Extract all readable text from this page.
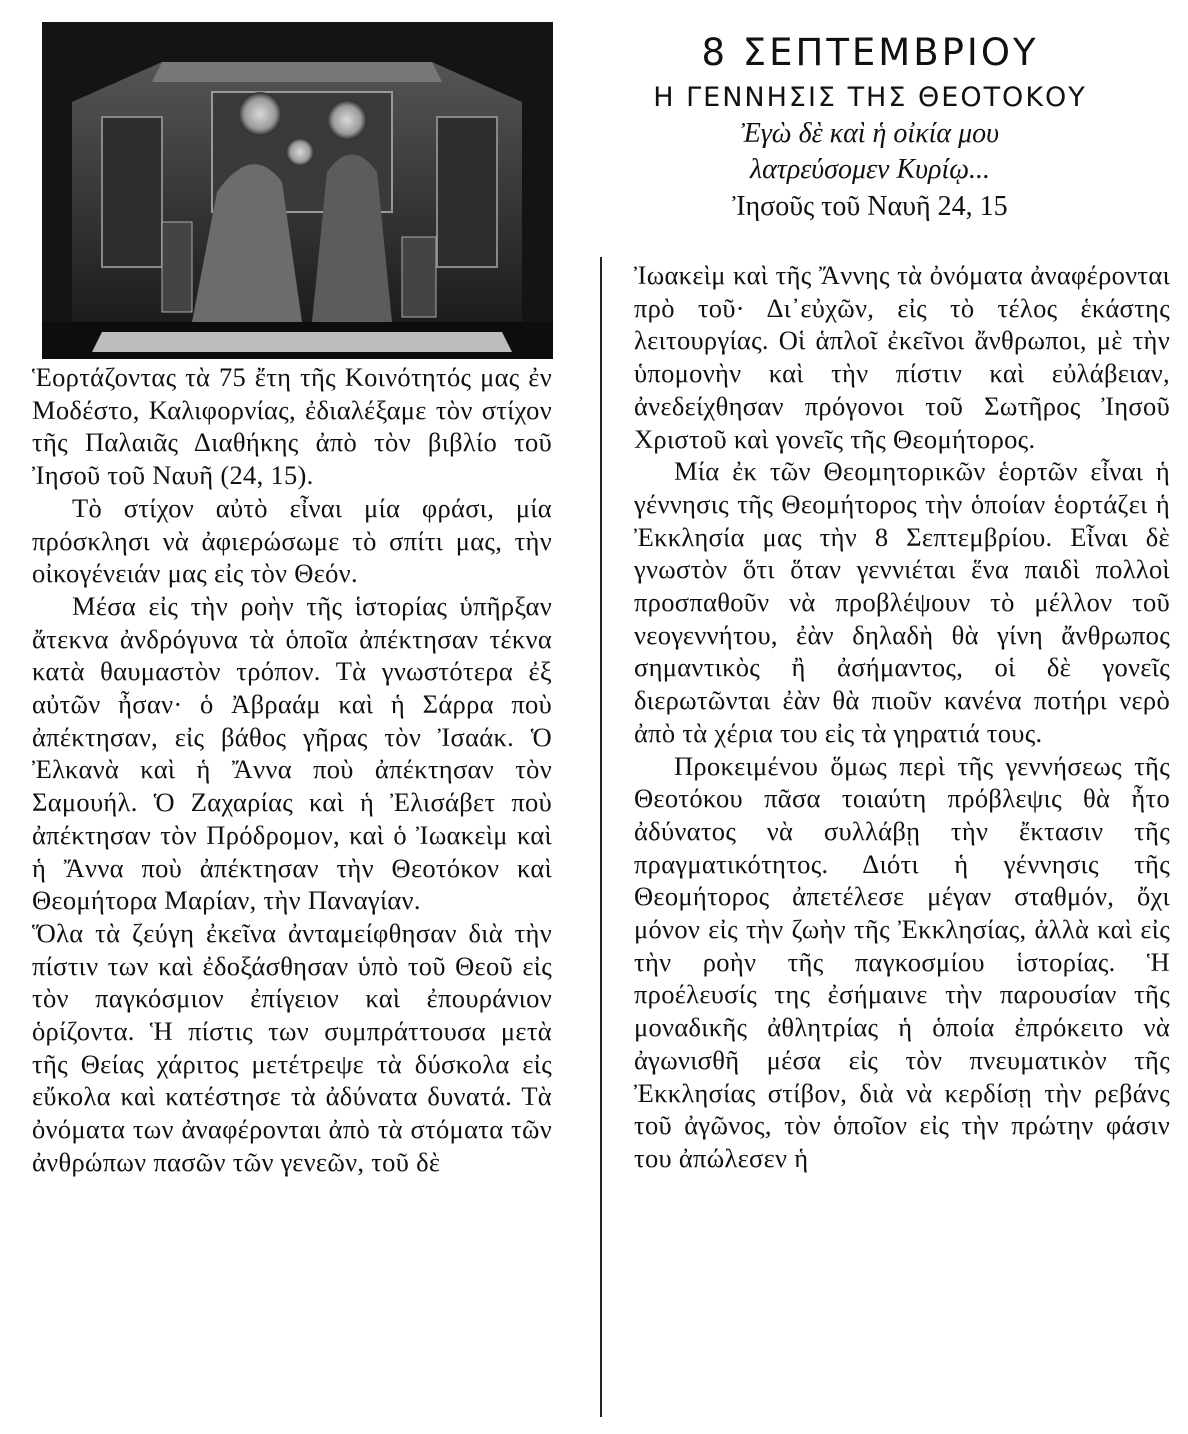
8 ΣΕΠΤΕΜΒΡΙΟΥ
Η ΓΕΝΝΗΣΙΣ ΤΗΣ ΘΕΟΤΟΚΟΥ

Ἐγὼ δὲ καὶ ἡ οἰκία μου

λατρεύσομεν Κυρίῳ...

Ἰησοῦς τοῦ Ναυῆ 24, 15

Ἑορτάζοντας τὰ 75 ἔτη τῆς Κοινότητός μας ἐν Μοδέστο, Καλιφορνίας, ἐδιαλέξαμε τὸν στίχον τῆς Παλαιᾶς Διαθήκης ἀπὸ τὸν βιβλίο τοῦ Ἰησοῦ τοῦ Ναυῆ (24, 15).

Τὸ στίχον αὐτὸ εἶναι μία φράσι, μία πρόσκλησι νὰ ἀφιερώσωμε τὸ σπίτι μας, τὴν οἰκογένειάν μας εἰς τὸν Θεόν.

Μέσα εἰς τὴν ροὴν τῆς ἱστορίας ὑπῆρξαν ἄτεκνα ἀνδρόγυνα τὰ ὁποῖα ἀπέκτησαν τέκνα κατὰ θαυμαστὸν τρόπον. Τὰ γνωστότερα ἐξ αὐτῶν ἦσαν· ὁ Ἀβραάμ καὶ ἡ Σάρρα ποὺ ἀπέκτησαν, εἰς βάθος γῆρας τὸν Ἰσαάκ. Ὁ Ἐλκανὰ καὶ ἡ Ἄννα ποὺ ἀπέκτησαν τὸν Σαμουήλ. Ὁ Ζαχαρίας καὶ ἡ Ἐλισάβετ ποὺ ἀπέκτησαν τὸν Πρόδρομον, καὶ ὁ Ἰωακεὶμ καὶ ἡ Ἄννα ποὺ ἀπέκτησαν τὴν Θεοτόκον καὶ Θεομήτορα Μαρίαν, τὴν Παναγίαν.

Ὅλα τὰ ζεύγη ἐκεῖνα ἀνταμείφθησαν διὰ τὴν πίστιν των καὶ ἐδοξάσθησαν ὑπὸ τοῦ Θεοῦ εἰς τὸν παγκόσμιον ἐπίγειον καὶ ἐπουράνιον ὁρίζοντα. Ἡ πίστις των συμπράττουσα μετὰ τῆς Θείας χάριτος μετέτρεψε τὰ δύσκολα εἰς εὔκολα καὶ κατέστησε τὰ ἀδύνατα δυνατά. Τὰ ὀνόματα των ἀναφέρονται ἀπὸ τὰ στόματα τῶν ἀνθρώπων πασῶν τῶν γενεῶν, τοῦ δὲ

Ἰωακεὶμ καὶ τῆς Ἄννης τὰ ὀνόματα ἀναφέρονται πρὸ τοῦ· Δι᾽εὐχῶν, εἰς τὸ τέλος ἑκάστης λειτουργίας. Οἱ ἁπλοῖ ἐκεῖνοι ἄνθρωποι, μὲ τὴν ὑπομονὴν καὶ τὴν πίστιν καὶ εὐλάβειαν, ἀνεδείχθησαν πρόγονοι τοῦ Σωτῆρος Ἰησοῦ Χριστοῦ καὶ γονεῖς τῆς Θεομήτορος.

Μία ἐκ τῶν Θεομητορικῶν ἑορτῶν εἶναι ἡ γέννησις τῆς Θεομήτορος τὴν ὁποίαν ἑορτάζει ἡ Ἐκκλησία μας τὴν 8 Σεπτεμβρίου. Εἶναι δὲ γνωστὸν ὅτι ὅταν γεννιέται ἕνα παιδὶ πολλοὶ προσπαθοῦν νὰ προβλέψουν τὸ μέλλον τοῦ νεογεννήτου, ἐὰν δηλαδὴ θὰ γίνη ἄνθρωπος σημαντικὸς ἢ ἀσήμαντος, οἱ δὲ γονεῖς διερωτῶνται ἐὰν θὰ πιοῦν κανένα ποτήρι νερὸ ἀπὸ τὰ χέρια του εἰς τὰ γηρατιά τους.

Προκειμένου ὅμως περὶ τῆς γεννήσεως τῆς Θεοτόκου πᾶσα τοιαύτη πρόβλεψις θὰ ἦτο ἀδύνατος νὰ συλλάβῃ τὴν ἔκτασιν τῆς πραγματικότητος. Διότι ἡ γέννησις τῆς Θεομήτορος ἀπετέλεσε μέγαν σταθμόν, ὄχι μόνον εἰς τὴν ζωὴν τῆς Ἐκκλησίας, ἀλλὰ καὶ εἰς τὴν ροὴν τῆς παγκοσμίου ἱστορίας. Ἡ προέλευσίς της ἐσήμαινε τὴν παρουσίαν τῆς μοναδικῆς ἀθλητρίας ἡ ὁποία ἐπρόκειτο νὰ ἀγωνισθῆ μέσα εἰς τὸν πνευματικὸν τῆς Ἐκκλησίας στίβον, διὰ νὰ κερδίσῃ τὴν ρεβάνς τοῦ ἀγῶνος, τὸν ὁποῖον εἰς τὴν πρώτην φάσιν του ἀπώλεσεν ἡ
